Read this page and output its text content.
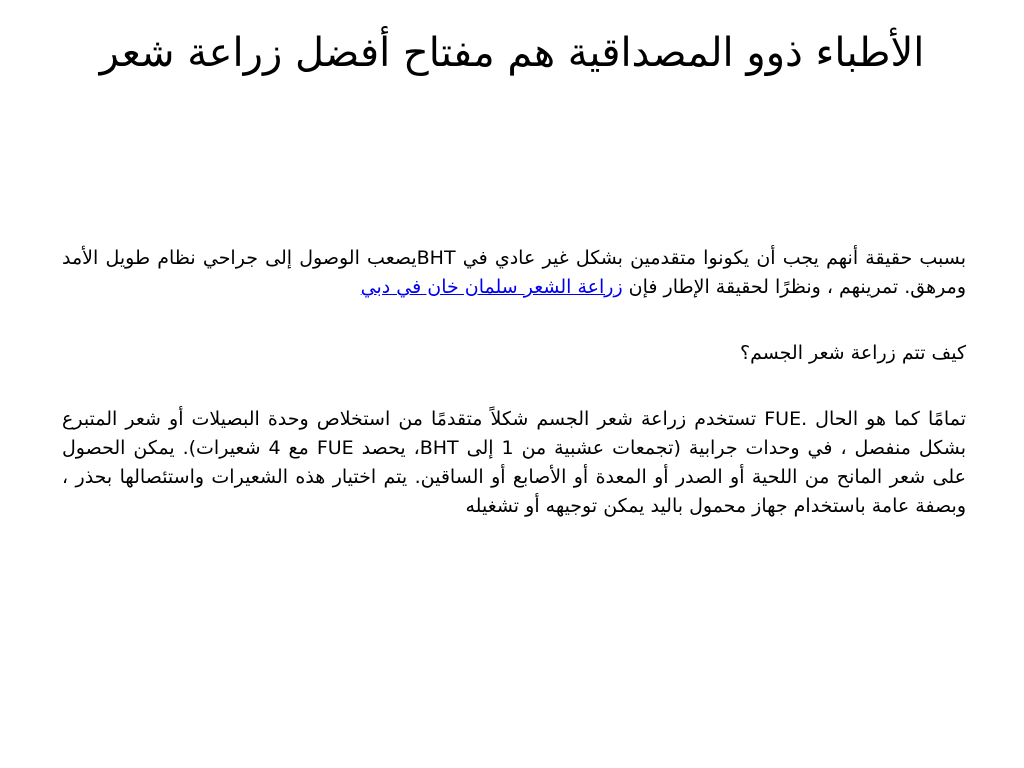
الأطباء ذوو المصداقية هم مفتاح أفضل زراعة شعر

بسبب حقيقة أنهم يجب أن يكونوا متقدمين بشكل غير عادي في BHTيصعب الوصول إلى جراحي نظام طويل الأمد ومرهق. تمرينهم ، ونظرًا لحقيقة الإطار فإن زراعة الشعر سلمان خان في دبي

كيف تتم زراعة شعر الجسم؟

تمامًا كما هو الحال FUE. تستخدم زراعة شعر الجسم شكلاً متقدمًا من استخلاص وحدة البصيلات أو شعر المتبرع بشكل منفصل ، في وحدات جرابية (تجمعات عشبية من 1 إلى BHT، يحصد FUE مع 4 شعيرات). يمكن الحصول على شعر المانح من اللحية أو الصدر أو المعدة أو الأصابع أو الساقين. يتم اختيار هذه الشعيرات واستئصالها بحذر ، وبصفة عامة باستخدام جهاز محمول باليد يمكن توجيهه أو تشغيله
